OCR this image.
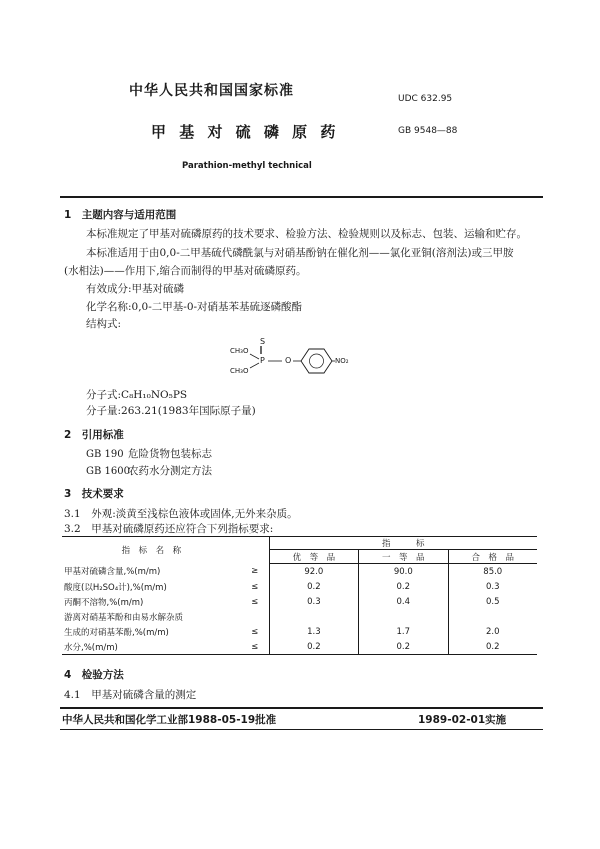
中华人民共和国国家标准	UDC 632.95
甲 基 对 硫 磷 原 药	GB 9548—88
Parathion-methyl technical
1　主题内容与适用范围
本标准规定了甲基对硫磷原药的技术要求、检验方法、检验规则以及标志、包装、运输和贮存。
本标准适用于由0,0-二甲基硫代磷酰氯与对硝基酚钠在催化剂——氯化亚铜(溶剂法)或三甲胺
(水相法)——作用下,缩合而制得的甲基对硫磷原药。
有效成分:甲基对硫磷
化学名称:0,0-二甲基-0-对硝基苯基硫逐磷酸酯
结构式:
S
‖
CH₃O
CH₃O
P	O	NO₂
分子式:C₈H₁₀NO₅PS
分子量:263.21(1983年国际原子量)
2　引用标准
GB 190 危险货物包装标志
GB 1600
农药水分测定方法
3　技术要求
3.1　外观:淡黄至浅棕色液体或固体,无外来杂质。
3.2　甲基对硫磷原药还应符合下列指标要求:
指　标　名　称		指　　　标		
		优　等　品	一　等　品	合　格　品
甲基对硫磷含量,%(m/m)	≥	92.0	90.0	85.0
酸度(以H₂SO₄计),%(m/m)	≤	0.2	0.2	0.3
丙酮不溶物,%(m/m)	≤	0.3	0.4	0.5
游离对硝基苯酚和由易水解杂质				
生成的对硝基苯酚,%(m/m)	≤	1.3	1.7	2.0
水分,%(m/m)	≤	0.2	0.2	0.2
4　检验方法
4.1　甲基对硫磷含量的测定
中华人民共和国化学工业部1988-05-19批准	1989-02-01实施
